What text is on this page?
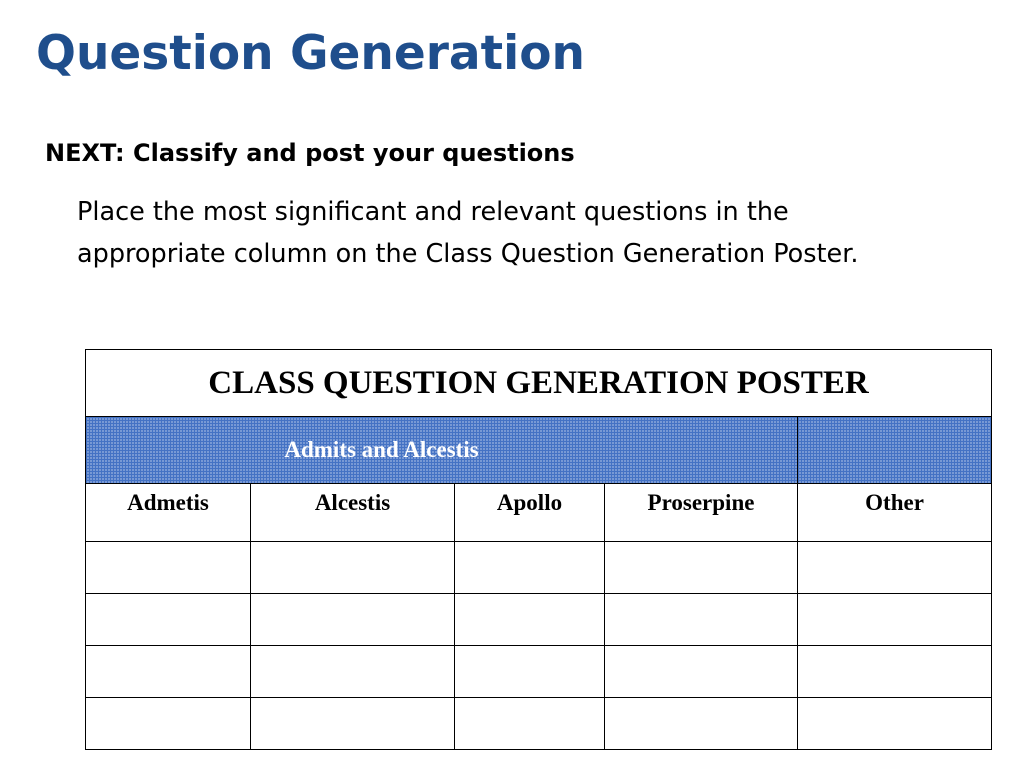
Question Generation
NEXT: Classify and post your questions

Place the most significant and relevant questions in the
appropriate column on the Class Question Generation Poster.

CLASS QUESTION GENERATION POSTER				

Admits and Alcestis				

Admetis	Alcestis	Apollo	Proserpine	Other
